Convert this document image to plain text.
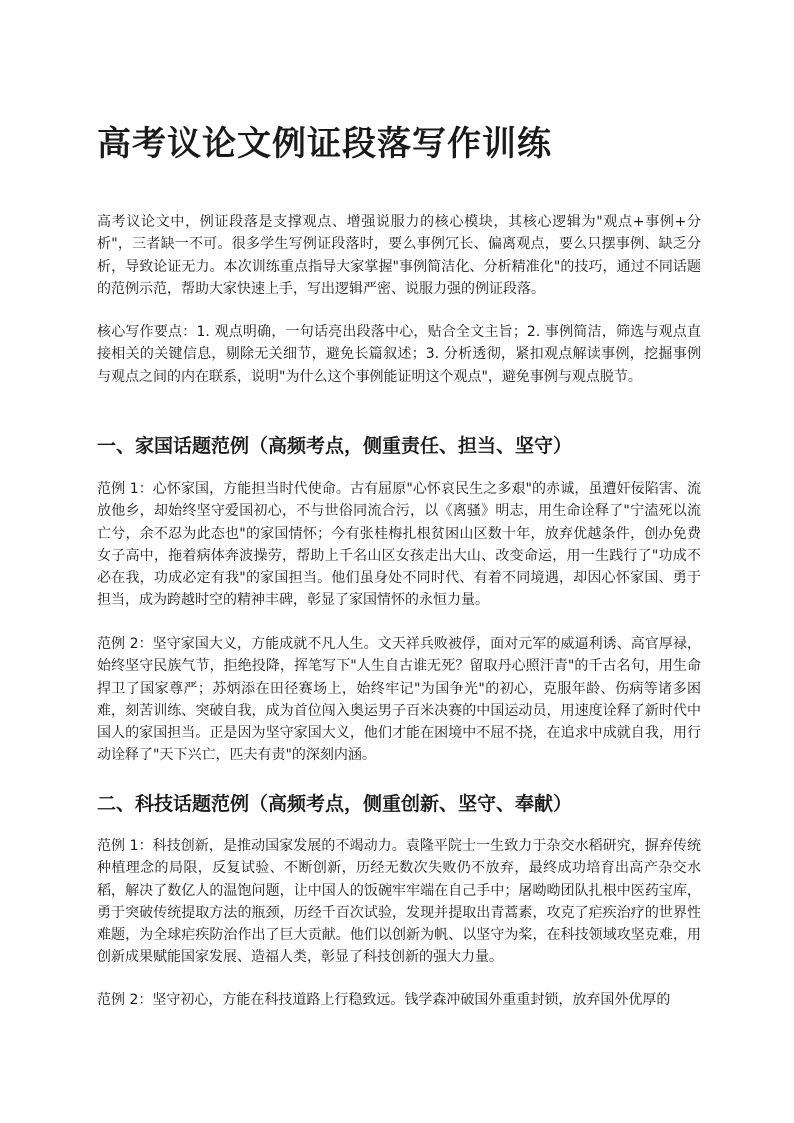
高考议论文例证段落写作训练

高考议论文中，例证段落是支撑观点、增强说服力的核心模块，其核心逻辑为"观点+事例+分析"，三者缺一不可。很多学生写例证段落时，要么事例冗长、偏离观点，要么只摆事例、缺乏分析，导致论证无力。本次训练重点指导大家掌握"事例简洁化、分析精准化"的技巧，通过不同话题的范例示范，帮助大家快速上手，写出逻辑严密、说服力强的例证段落。

核心写作要点：1. 观点明确，一句话亮出段落中心，贴合全文主旨；2. 事例简洁，筛选与观点直接相关的关键信息，剔除无关细节，避免长篇叙述；3. 分析透彻，紧扣观点解读事例，挖掘事例与观点之间的内在联系，说明"为什么这个事例能证明这个观点"，避免事例与观点脱节。

一、家国话题范例（高频考点，侧重责任、担当、坚守）

范例 1：心怀家国，方能担当时代使命。古有屈原"心怀哀民生之多艰"的赤诚，虽遭奸佞陷害、流放他乡，却始终坚守爱国初心，不与世俗同流合污，以《离骚》明志，用生命诠释了"宁溘死以流亡兮，余不忍为此态也"的家国情怀；今有张桂梅扎根贫困山区数十年，放弃优越条件，创办免费女子高中，拖着病体奔波操劳，帮助上千名山区女孩走出大山、改变命运，用一生践行了"功成不必在我，功成必定有我"的家国担当。他们虽身处不同时代、有着不同境遇，却因心怀家国、勇于担当，成为跨越时空的精神丰碑，彰显了家国情怀的永恒力量。

范例 2：坚守家国大义，方能成就不凡人生。文天祥兵败被俘，面对元军的威逼利诱、高官厚禄，始终坚守民族气节，拒绝投降，挥笔写下"人生自古谁无死？留取丹心照汗青"的千古名句，用生命捍卫了国家尊严；苏炳添在田径赛场上，始终牢记"为国争光"的初心，克服年龄、伤病等诸多困难，刻苦训练、突破自我，成为首位闯入奥运男子百米决赛的中国运动员，用速度诠释了新时代中国人的家国担当。正是因为坚守家国大义，他们才能在困境中不屈不挠，在追求中成就自我，用行动诠释了"天下兴亡，匹夫有责"的深刻内涵。

二、科技话题范例（高频考点，侧重创新、坚守、奉献）

范例 1：科技创新，是推动国家发展的不竭动力。袁隆平院士一生致力于杂交水稻研究，摒弃传统种植理念的局限，反复试验、不断创新，历经无数次失败仍不放弃，最终成功培育出高产杂交水稻，解决了数亿人的温饱问题，让中国人的饭碗牢牢端在自己手中；屠呦呦团队扎根中医药宝库，勇于突破传统提取方法的瓶颈，历经千百次试验，发现并提取出青蒿素，攻克了疟疾治疗的世界性难题，为全球疟疾防治作出了巨大贡献。他们以创新为帆、以坚守为桨，在科技领域攻坚克难，用创新成果赋能国家发展、造福人类，彰显了科技创新的强大力量。

范例 2：坚守初心，方能在科技道路上行稳致远。钱学森冲破国外重重封锁，放弃国外优厚的
